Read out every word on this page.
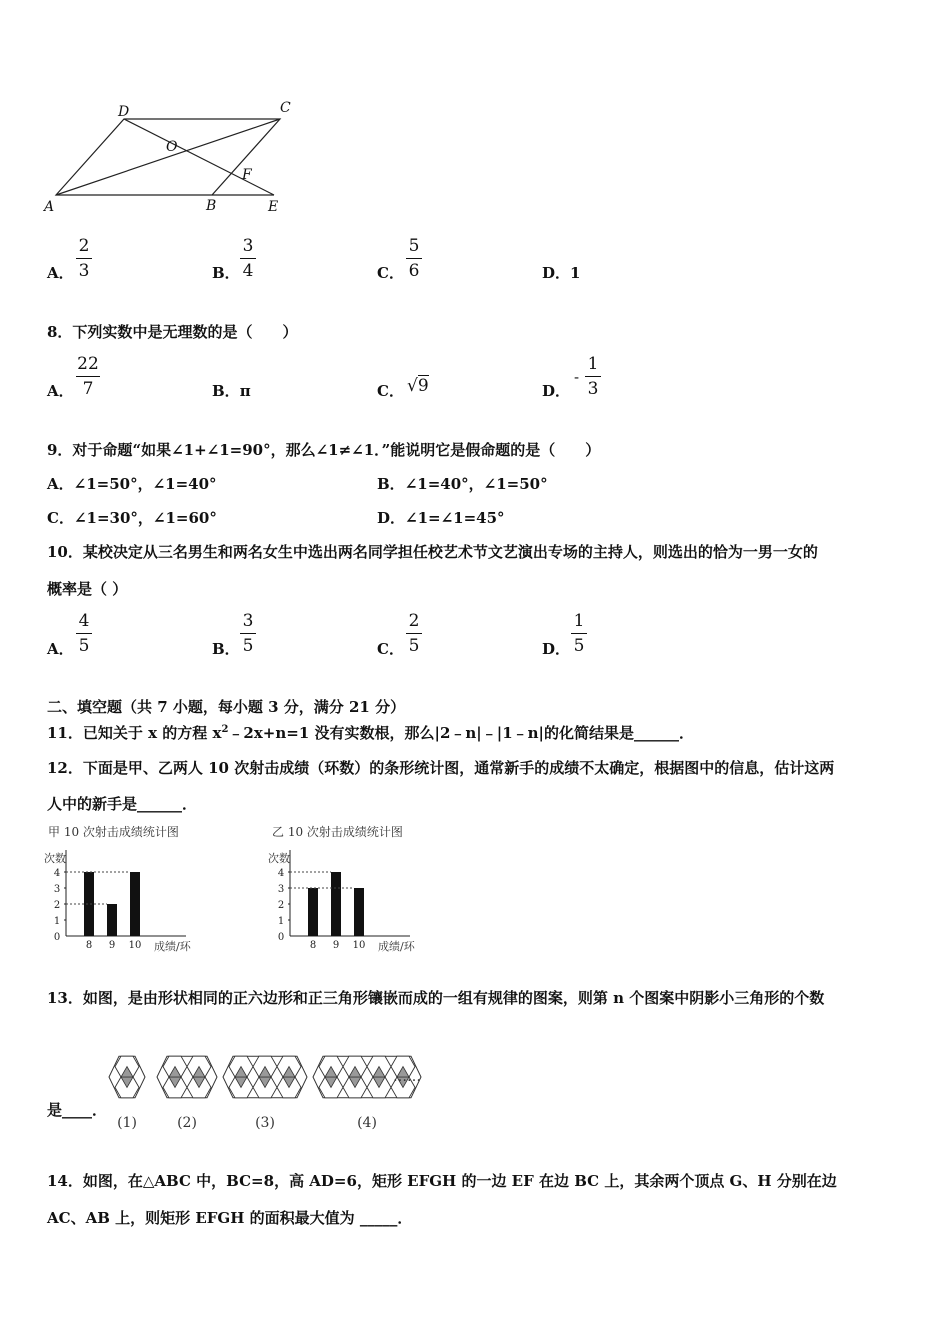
A	B
C
D
E
F
O
A．
2
3	B．
3
4	C．
5
6	D．1
8．下列实数中是无理数的是（　　）
A．
22
7	B．π	C． √9	D．
-
1
3
9．对于命题“如果∠1+∠1=90°，那么∠1≠∠1．”能说明它是假命题的是（　　）
A．∠1=50°，∠1=40°	B．∠1=40°，∠1=50°
C．∠1=30°，∠1=60°	D．∠1=∠1=45°
10．某校决定从三名男生和两名女生中选出两名同学担任校艺术节文艺演出专场的主持人，则选出的恰为一男一女的
概率是（ ）
A．
4
5	B．
3
5	C．
2
5	D．
1
5
二、填空题（共 7 小题，每小题 3 分，满分 21 分）
11．已知关于 x 的方程 $x^2﹣2x+n=1$ 没有实数根，那么|2﹣n|﹣|1﹣n|的化简结果是______．
12．下面是甲、乙两人 10 次射击成绩（环数）的条形统计图，通常新手的成绩不太确定，根据图中的信息，估计这两
人中的新手是______．
甲 10 次射击成绩统计图
次数
0
1
2
3
4
8 9 10 成绩/环
乙 10 次射击成绩统计图
次数
0
1
2
3
4
8 9 10 成绩/环
13．如图，是由形状相同的正六边形和正三角形镶嵌而成的一组有规律的图案，则第 n 个图案中阴影小三角形的个数
是____．
(1)	(2)	(3)	(4)
……
14．如图，在△ABC 中，BC=8，高 AD=6，矩形 EFGH 的一边 EF 在边 BC 上，其余两个顶点 G、H 分别在边
AC、AB 上，则矩形 EFGH 的面积最大值为 _____．
